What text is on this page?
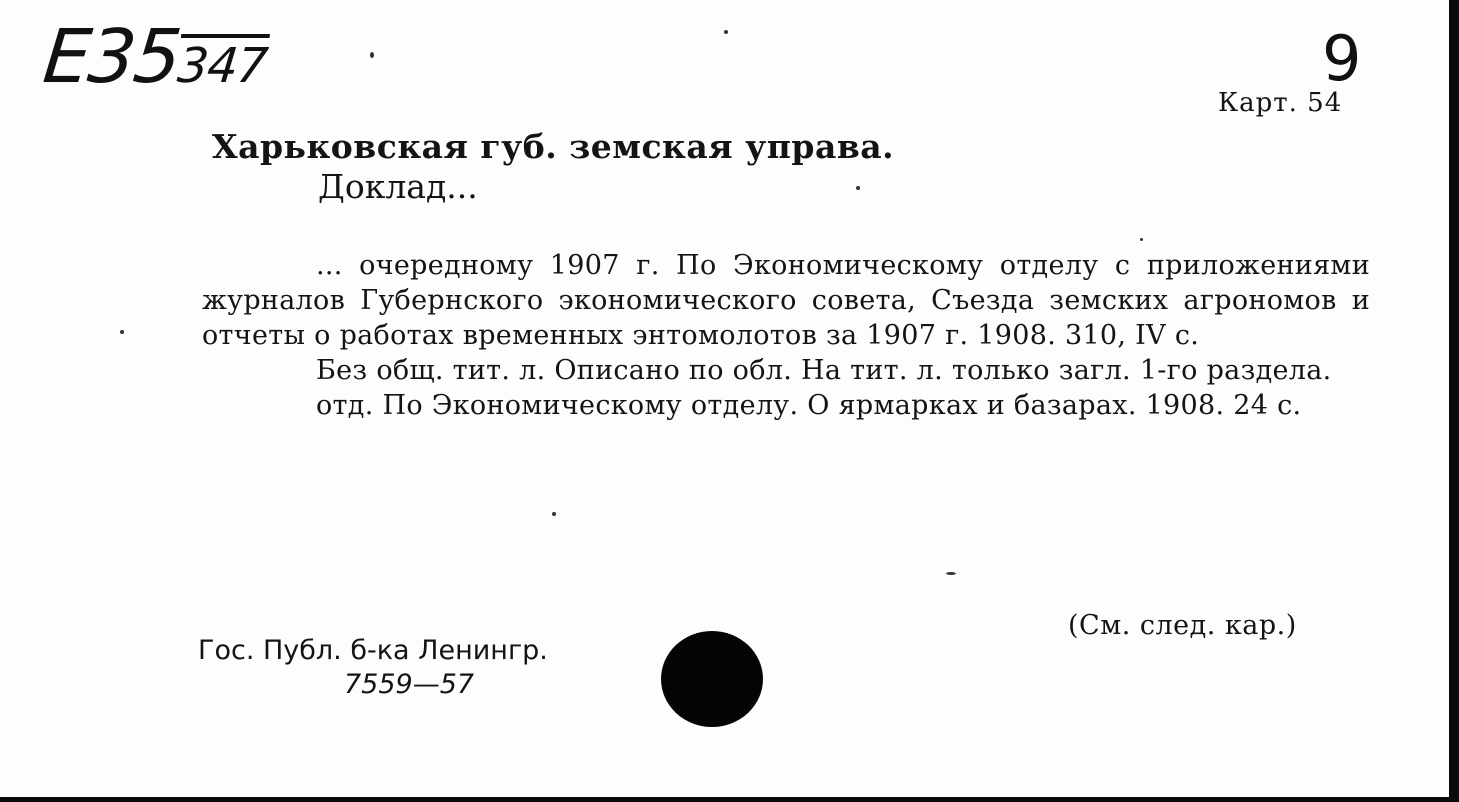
E35347	9
Карт. 54
Харьковская губ. земская управа.
Доклад...

... очередному 1907 г. По Экономическому отделу с приложениями журналов Губернского экономического совета, Съезда земских агрономов и отчеты о работах временных энтомолотов за 1907 г. 1908. 310, IV с.

Без общ. тит. л. Описано по обл. На тит. л. только загл. 1-го раздела.

отд. По Экономическому отделу. О ярмарках и базарах. 1908. 24 с.

(См. след. кар.)
Гос. Публ. б-ка Ленингр.
7559—57
